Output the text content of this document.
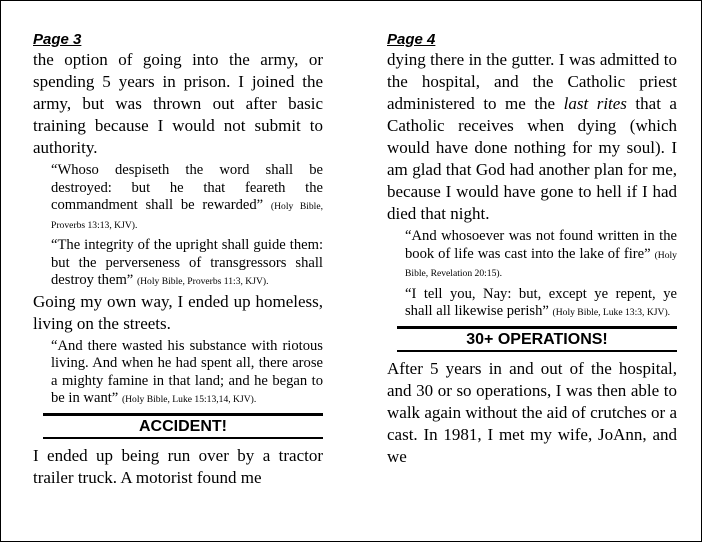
Page 3

the option of going into the army, or spending 5 years in prison. I joined the army, but was thrown out after basic training because I would not submit to authority.

“Whoso despiseth the word shall be destroyed: but he that feareth the commandment shall be rewarded” (Holy Bible, Proverbs 13:13, KJV).

“The integrity of the upright shall guide them: but the perverseness of transgressors shall destroy them” (Holy Bible, Proverbs 11:3, KJV).

Going my own way, I ended up homeless, living on the streets.

“And there wasted his substance with riotous living. And when he had spent all, there arose a mighty famine in that land; and he began to be in want” (Holy Bible, Luke 15:13,14, KJV).

ACCIDENT!

I ended up being run over by a tractor trailer truck. A motorist found me

Page 4

dying there in the gutter. I was admitted to the hospital, and the Catholic priest administered to me the last rites that a Catholic receives when dying (which would have done nothing for my soul). I am glad that God had another plan for me, because I would have gone to hell if I had died that night.

“And whosoever was not found written in the book of life was cast into the lake of fire” (Holy Bible, Revelation 20:15).

“I tell you, Nay: but, except ye repent, ye shall all likewise perish” (Holy Bible, Luke 13:3, KJV).

30+ OPERATIONS!

After 5 years in and out of the hospital, and 30 or so operations, I was then able to walk again without the aid of crutches or a cast. In 1981, I met my wife, JoAnn, and we
